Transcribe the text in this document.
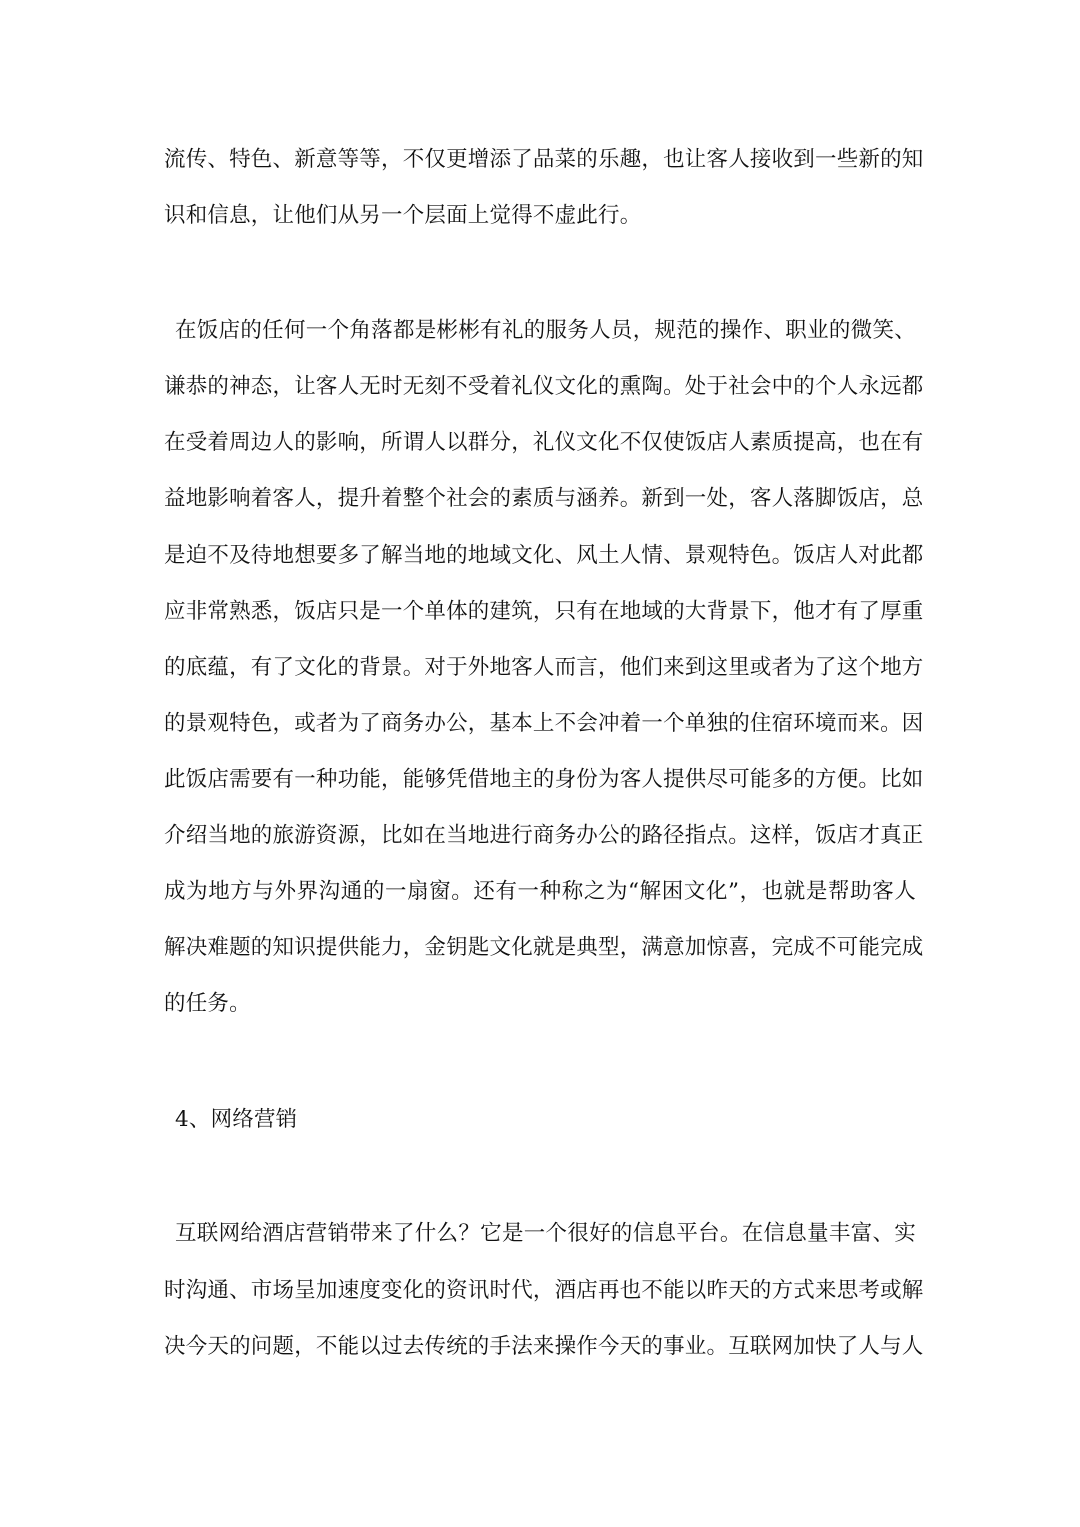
流传、特色、新意等等，不仅更增添了品菜的乐趣，也让客人接收到一些新的知
识和信息，让他们从另一个层面上觉得不虚此行。
在饭店的任何一个角落都是彬彬有礼的服务人员，规范的操作、职业的微笑、
谦恭的神态，让客人无时无刻不受着礼仪文化的熏陶。处于社会中的个人永远都
在受着周边人的影响，所谓人以群分，礼仪文化不仅使饭店人素质提高，也在有
益地影响着客人，提升着整个社会的素质与涵养。新到一处，客人落脚饭店，总
是迫不及待地想要多了解当地的地域文化、风土人情、景观特色。饭店人对此都
应非常熟悉，饭店只是一个单体的建筑，只有在地域的大背景下，他才有了厚重
的底蕴，有了文化的背景。对于外地客人而言，他们来到这里或者为了这个地方
的景观特色，或者为了商务办公，基本上不会冲着一个单独的住宿环境而来。因
此饭店需要有一种功能，能够凭借地主的身份为客人提供尽可能多的方便。比如
介绍当地的旅游资源，比如在当地进行商务办公的路径指点。这样，饭店才真正
成为地方与外界沟通的一扇窗。还有一种称之为“解困文化”，也就是帮助客人
解决难题的知识提供能力，金钥匙文化就是典型，满意加惊喜，完成不可能完成
的任务。
4、网络营销
互联网给酒店营销带来了什么？它是一个很好的信息平台。在信息量丰富、实
时沟通、市场呈加速度变化的资讯时代，酒店再也不能以昨天的方式来思考或解
决今天的问题，不能以过去传统的手法来操作今天的事业。互联网加快了人与人
